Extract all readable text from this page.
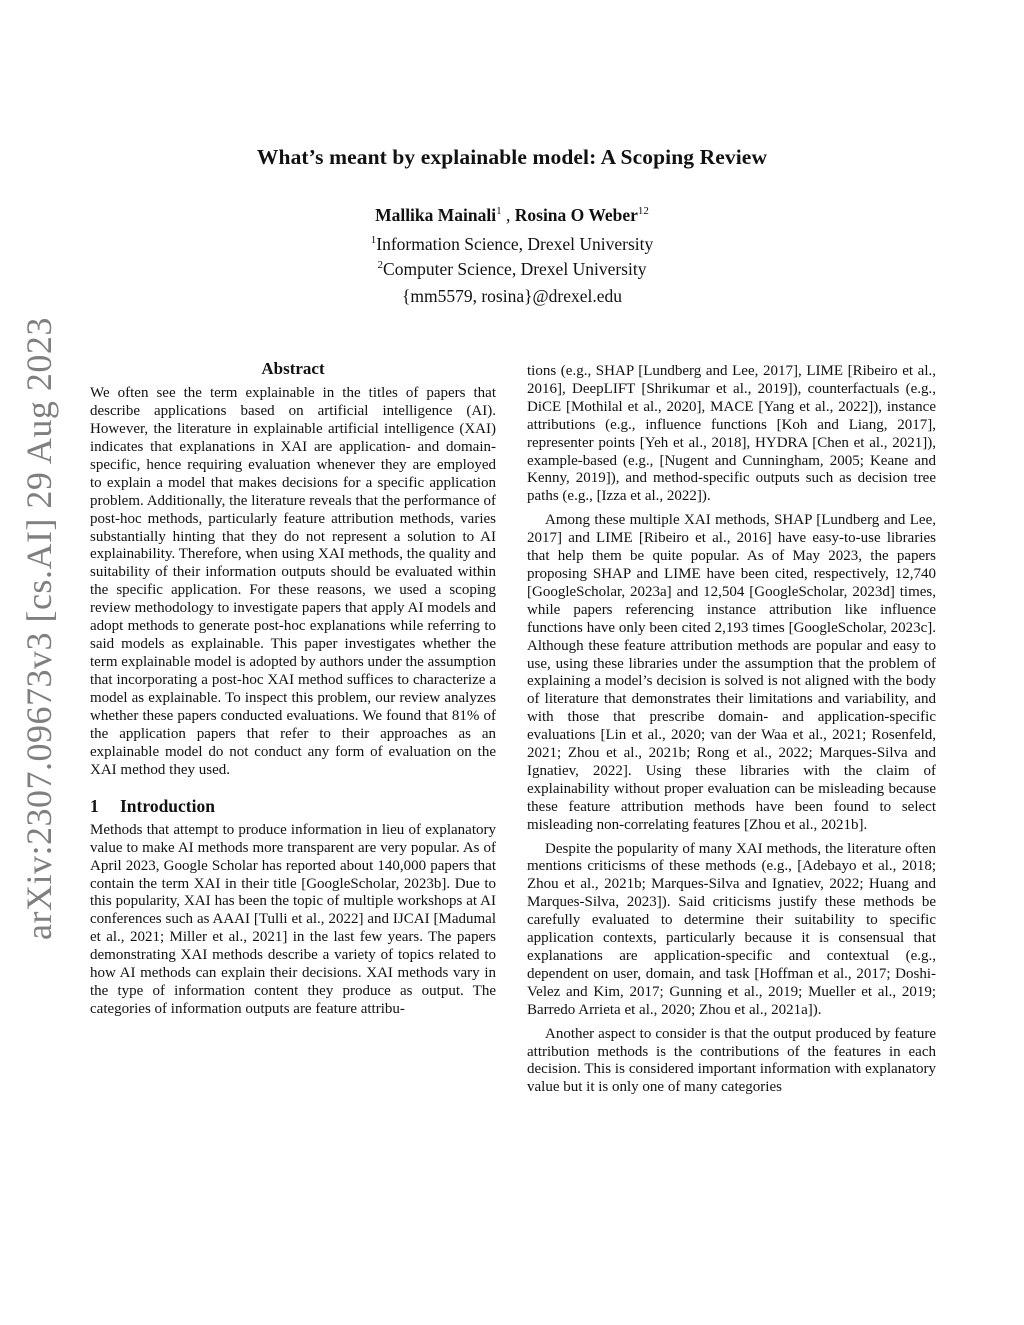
arXiv:2307.09673v3 [cs.AI] 29 Aug 2023
What’s meant by explainable model: A Scoping Review
Mallika Mainali$^1$ , Rosina O Weber$^{12}$
$^1$Information Science, Drexel University
$^2$Computer Science, Drexel University
{mm5579, rosina}@drexel.edu
Abstract

We often see the term explainable in the titles of papers that describe applications based on artificial intelligence (AI). However, the literature in explainable artificial intelligence (XAI) indicates that explanations in XAI are application- and domain-specific, hence requiring evaluation whenever they are employed to explain a model that makes decisions for a specific application problem. Additionally, the literature reveals that the performance of post-hoc methods, particularly feature attribution methods, varies substantially hinting that they do not represent a solution to AI explainability. Therefore, when using XAI methods, the quality and suitability of their information outputs should be evaluated within the specific application. For these reasons, we used a scoping review methodology to investigate papers that apply AI models and adopt methods to generate post-hoc explanations while referring to said models as explainable. This paper investigates whether the term explainable model is adopted by authors under the assumption that incorporating a post-hoc XAI method suffices to characterize a model as explainable. To inspect this problem, our review analyzes whether these papers conducted evaluations. We found that 81% of the application papers that refer to their approaches as an explainable model do not conduct any form of evaluation on the XAI method they used.

1 Introduction

Methods that attempt to produce information in lieu of explanatory value to make AI methods more transparent are very popular. As of April 2023, Google Scholar has reported about 140,000 papers that contain the term XAI in their title [GoogleScholar, 2023b]. Due to this popularity, XAI has been the topic of multiple workshops at AI conferences such as AAAI [Tulli et al., 2022] and IJCAI [Madumal et al., 2021; Miller et al., 2021] in the last few years. The papers demonstrating XAI methods describe a variety of topics related to how AI methods can explain their decisions. XAI methods vary in the type of information content they produce as output. The categories of information outputs are feature attribu-

tions (e.g., SHAP [Lundberg and Lee, 2017], LIME [Ribeiro et al., 2016], DeepLIFT [Shrikumar et al., 2019]), counterfactuals (e.g., DiCE [Mothilal et al., 2020], MACE [Yang et al., 2022]), instance attributions (e.g., influence functions [Koh and Liang, 2017], representer points [Yeh et al., 2018], HYDRA [Chen et al., 2021]), example-based (e.g., [Nugent and Cunningham, 2005; Keane and Kenny, 2019]), and method-specific outputs such as decision tree paths (e.g., [Izza et al., 2022]).

Among these multiple XAI methods, SHAP [Lundberg and Lee, 2017] and LIME [Ribeiro et al., 2016] have easy-to-use libraries that help them be quite popular. As of May 2023, the papers proposing SHAP and LIME have been cited, respectively, 12,740 [GoogleScholar, 2023a] and 12,504 [GoogleScholar, 2023d] times, while papers referencing instance attribution like influence functions have only been cited 2,193 times [GoogleScholar, 2023c]. Although these feature attribution methods are popular and easy to use, using these libraries under the assumption that the problem of explaining a model’s decision is solved is not aligned with the body of literature that demonstrates their limitations and variability, and with those that prescribe domain- and application-specific evaluations [Lin et al., 2020; van der Waa et al., 2021; Rosenfeld, 2021; Zhou et al., 2021b; Rong et al., 2022; Marques-Silva and Ignatiev, 2022]. Using these libraries with the claim of explainability without proper evaluation can be misleading because these feature attribution methods have been found to select misleading non-correlating features [Zhou et al., 2021b].

Despite the popularity of many XAI methods, the literature often mentions criticisms of these methods (e.g., [Adebayo et al., 2018; Zhou et al., 2021b; Marques-Silva and Ignatiev, 2022; Huang and Marques-Silva, 2023]). Said criticisms justify these methods be carefully evaluated to determine their suitability to specific application contexts, particularly because it is consensual that explanations are application-specific and contextual (e.g., dependent on user, domain, and task [Hoffman et al., 2017; Doshi-Velez and Kim, 2017; Gunning et al., 2019; Mueller et al., 2019; Barredo Arrieta et al., 2020; Zhou et al., 2021a]).

Another aspect to consider is that the output produced by feature attribution methods is the contributions of the features in each decision. This is considered important information with explanatory value but it is only one of many categories
